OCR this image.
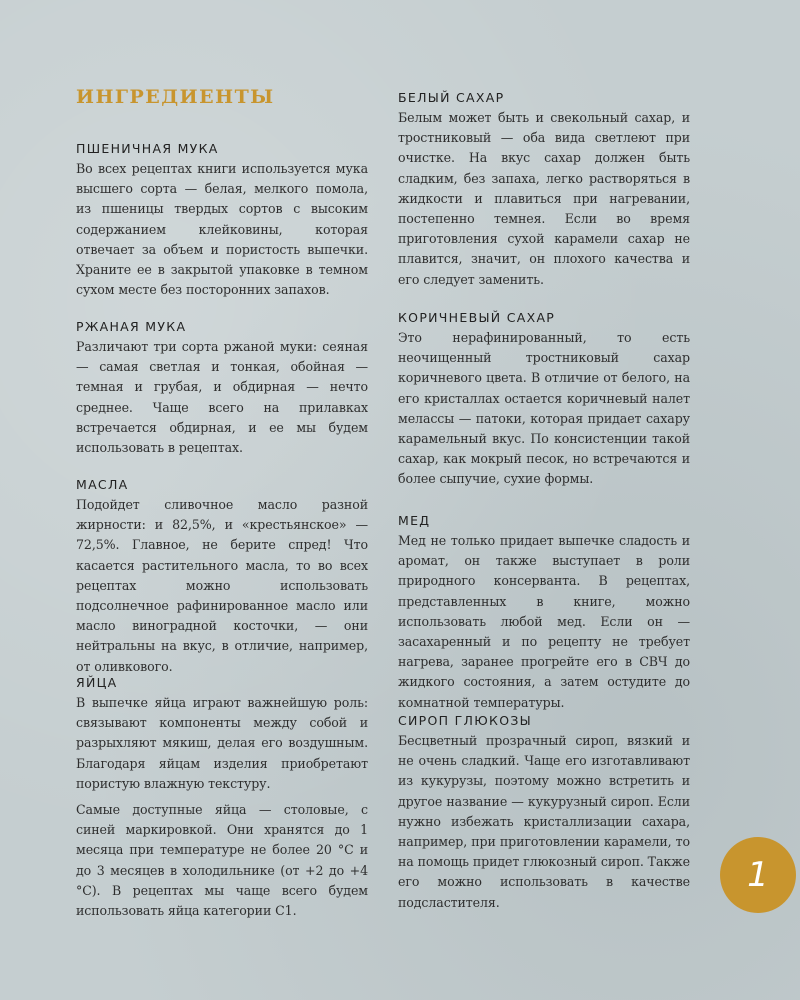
ИНГРЕДИЕНТЫ
ПШЕНИЧНАЯ МУКА

Во всех рецептах книги используется мука высшего сорта — белая, мелкого помола, из пшеницы твердых сортов с высоким содержанием клейковины, которая отвечает за объем и пористость выпечки. Храните ее в закрытой упаковке в темном сухом месте без посторонних запахов.

РЖАНАЯ МУКА

Различают три сорта ржаной муки: сеяная — самая светлая и тонкая, обойная — темная и грубая, и обдирная — нечто среднее. Чаще всего на прилавках встречается обдирная, и ее мы будем использовать в рецептах.

МАСЛА

Подойдет сливочное масло разной жирности: и 82,5%, и «крестьянское» — 72,5%. Главное, не берите спред! Что касается растительного масла, то во всех рецептах можно использовать подсолнечное рафинированное масло или масло виноградной косточки, — они нейтральны на вкус, в отличие, например, от оливкового.

ЯЙЦА

В выпечке яйца играют важнейшую роль: связывают компоненты между собой и разрыхляют мякиш, делая его воздушным. Благодаря яйцам изделия приобретают пористую влажную текстуру.

Самые доступные яйца — столовые, с синей маркировкой. Они хранятся до 1 месяца при температуре не более 20 °C и до 3 месяцев в холодильнике (от +2 до +4 °C). В рецептах мы чаще всего будем использовать яйца категории С1.

БЕЛЫЙ САХАР

Белым может быть и свекольный сахар, и тростниковый — оба вида светлеют при очистке. На вкус сахар должен быть сладким, без запаха, легко растворяться в жидкости и плавиться при нагревании, постепенно темнея. Если во время приготовления сухой карамели сахар не плавится, значит, он плохого качества и его следует заменить.

КОРИЧНЕВЫЙ САХАР

Это нерафинированный, то есть неочищенный тростниковый сахар коричневого цвета. В отличие от белого, на его кристаллах остается коричневый налет мелассы — патоки, которая придает сахару карамельный вкус. По консистенции такой сахар, как мокрый песок, но встречаются и более сыпучие, сухие формы.

МЕД

Мед не только придает выпечке сладость и аромат, он также выступает в роли природного консерванта. В рецептах, представленных в книге, можно использовать любой мед. Если он — засахаренный и по рецепту не требует нагрева, заранее прогрейте его в СВЧ до жидкого состояния, а затем остудите до комнатной температуры.

СИРОП ГЛЮКОЗЫ

Бесцветный прозрачный сироп, вязкий и не очень сладкий. Чаще его изготавливают из кукурузы, поэтому можно встретить и другое название — кукурузный сироп. Если нужно избежать кристаллизации сахара, например, при приготовлении карамели, то на помощь придет глюкозный сироп. Также его можно использовать в качестве подсластителя.

1
